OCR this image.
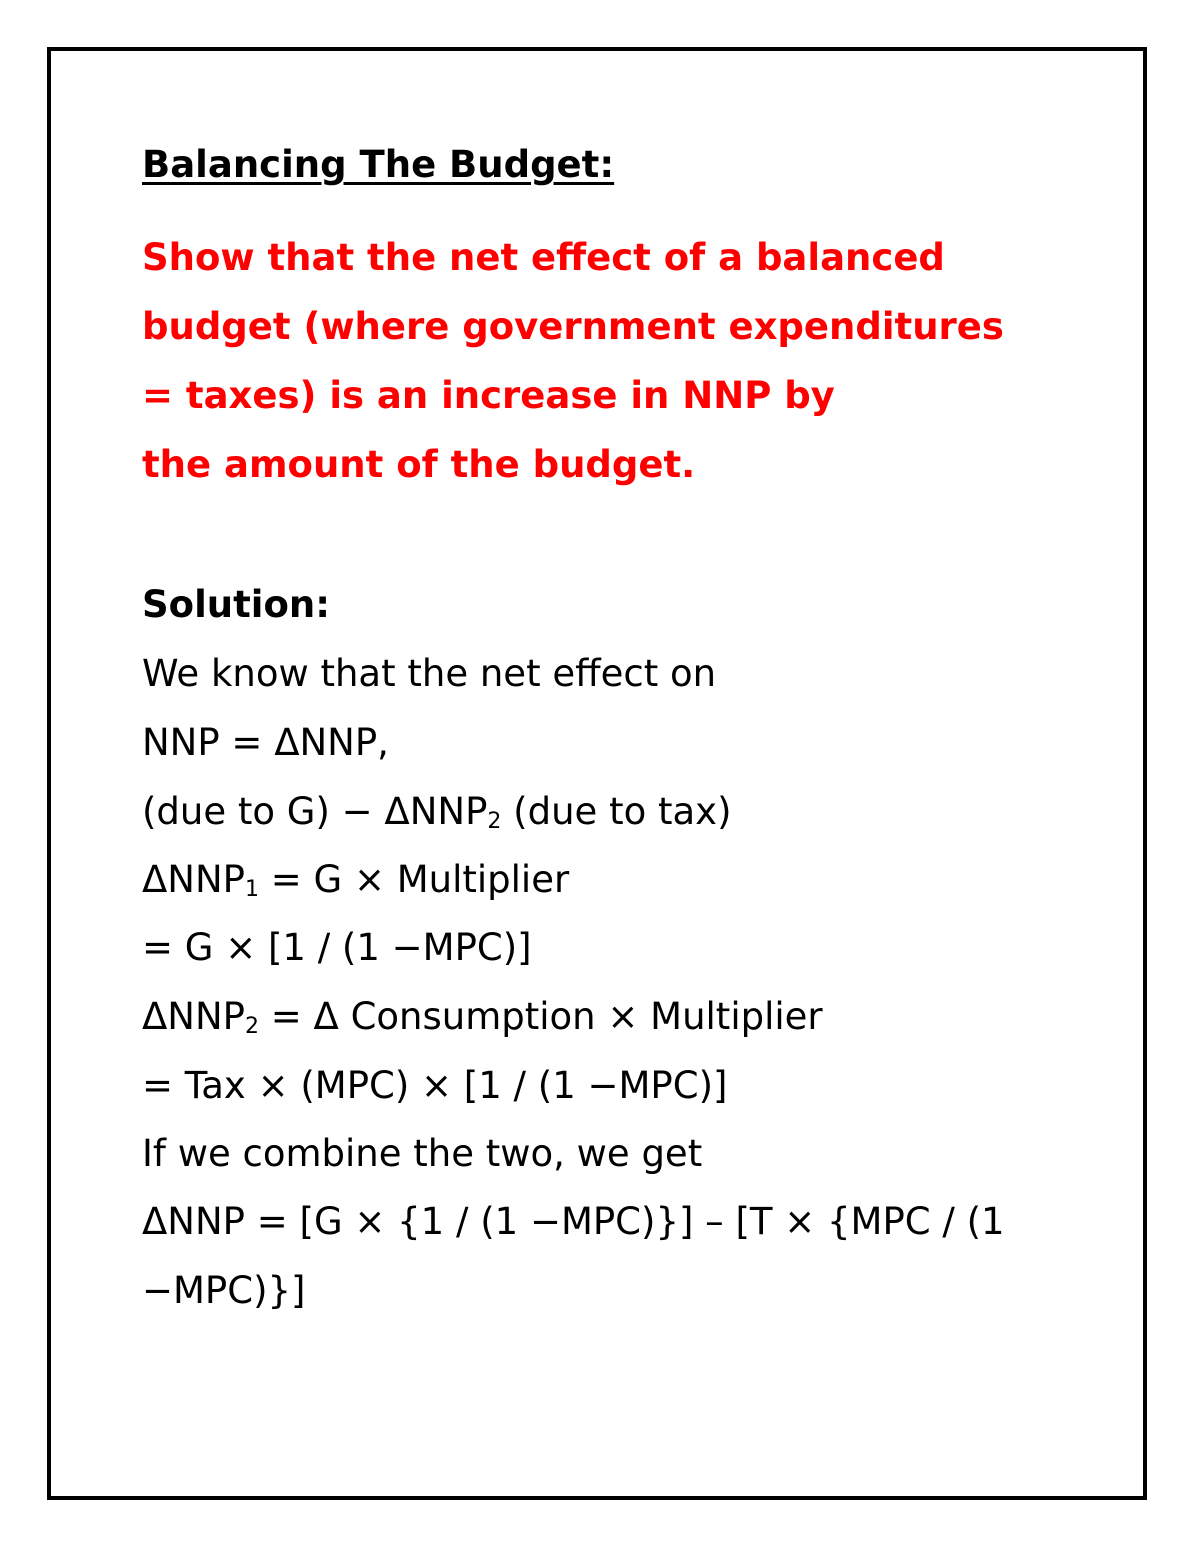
Balancing The Budget:
Show that the net effect of a balanced
budget (where government expenditures
= taxes) is an increase in NNP by
the amount of the budget.
Solution:
We know that the net effect on
NNP = ΔNNP,
(due to $G) - \Delta NNP_2$ (due to tax)
$\Delta NNP_1 = G$ × Multiplier
= G × [1 / (1 −MPC)]
$\Delta NNP_2 = \Delta$ Consumption × Multiplier
= Tax × (MPC) × [1 / (1 −MPC)]
If we combine the two, we get
ΔNNP = [G × {1 / (1 −MPC)}] – [T × {MPC / (1
−MPC)}]
